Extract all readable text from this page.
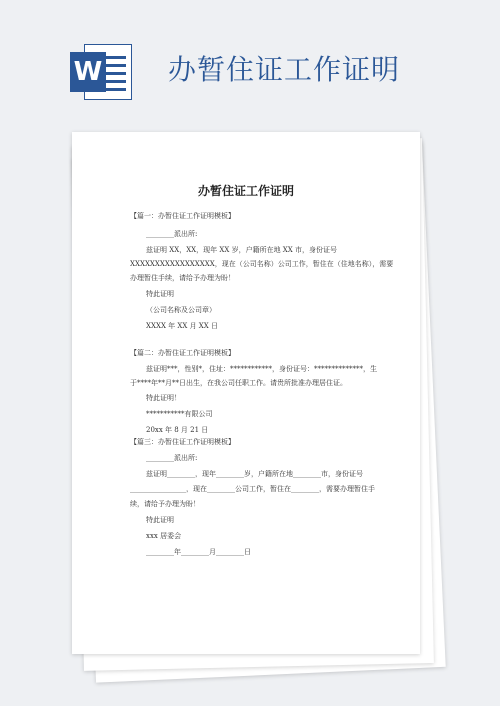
W 办暂住证工作证明
办暂住证工作证明
【篇一：办暂住证工作证明模板】
________派出所:
兹证明 XX，XX，现年 XX 岁，户籍所在地 XX 市，身份证号
XXXXXXXXXXXXXXXXX，现在（公司名称）公司工作，暂住在（住地名称），需要
办理暂住手续，请给予办理为盼！
特此证明
（公司名称及公司章）
XXXX 年 XX 月 XX 日
【篇二：办暂住证工作证明模板】
兹证明***，性别*，住址：************，身份证号：**************，生
于****年**月**日出生，在我公司任职工作。请贵所批准办理居住证。
特此证明！
***********有限公司
20xx 年 8 月 21 日
【篇三：办暂住证工作证明模板】
________派出所:
兹证明________，现年________岁，户籍所在地________市，身份证号
________________，现在________公司工作，暂住在________，需要办理暂住手
续，请给予办理为盼！
特此证明
xxx 居委会
________年________月________日
